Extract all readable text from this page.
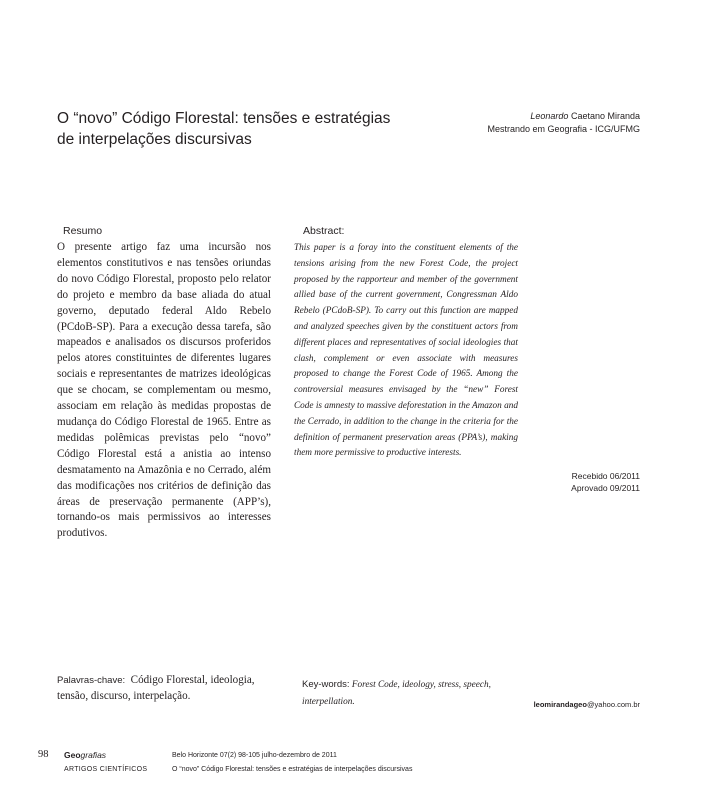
O “novo” Código Florestal: tensões e estratégias de interpelações discursivas
Leonardo Caetano Miranda
Mestrando em Geografia - ICG/UFMG
Resumo	Abstract:
O presente artigo faz uma incursão nos elementos constitutivos e nas tensões oriundas do novo Código Florestal, proposto pelo relator do projeto e membro da base aliada do atual governo, deputado federal Aldo Rebelo (PCdoB-SP). Para a execução dessa tarefa, são mapeados e analisados os discursos proferidos pelos atores constituintes de diferentes lugares sociais e representantes de matrizes ideológicas que se chocam, se complementam ou mesmo, associam em relação às medidas propostas de mudança do Código Florestal de 1965. Entre as medidas polêmicas previstas pelo “novo” Código Florestal está a anistia ao intenso desmatamento na Amazônia e no Cerrado, além das modificações nos critérios de definição das áreas de preservação permanente (APP’s), tornando-os mais permissivos ao interesses produtivos.
This paper is a foray into the constituent elements of the tensions arising from the new Forest Code, the project proposed by the rapporteur and member of the government allied base of the current government, Congressman Aldo Rebelo (PCdoB-SP). To carry out this function are mapped and analyzed speeches given by the constituent actors from different places and representatives of social ideologies that clash, complement or even associate with measures proposed to change the Forest Code of 1965. Among the controversial measures envisaged by the “new” Forest Code is amnesty to massive deforestation in the Amazon and the Cerrado, in addition to the change in the criteria for the definition of permanent preservation areas (PPA’s), making them more permissive to productive interests.
Recebido 06/2011
Aprovado 09/2011
Palavras-chave: Código Florestal, ideologia, tensão, discurso, interpelação.
Key-words: Forest Code, ideology, stress, speech, interpellation.	leomirandageo@yahoo.com.br
98 Geografias
ARTIGOS CIENTÍFICOS
Belo Horizonte 07(2) 98-105 julho-dezembro de 2011
O “novo” Código Florestal: tensões e estratégias de interpelações discursivas
